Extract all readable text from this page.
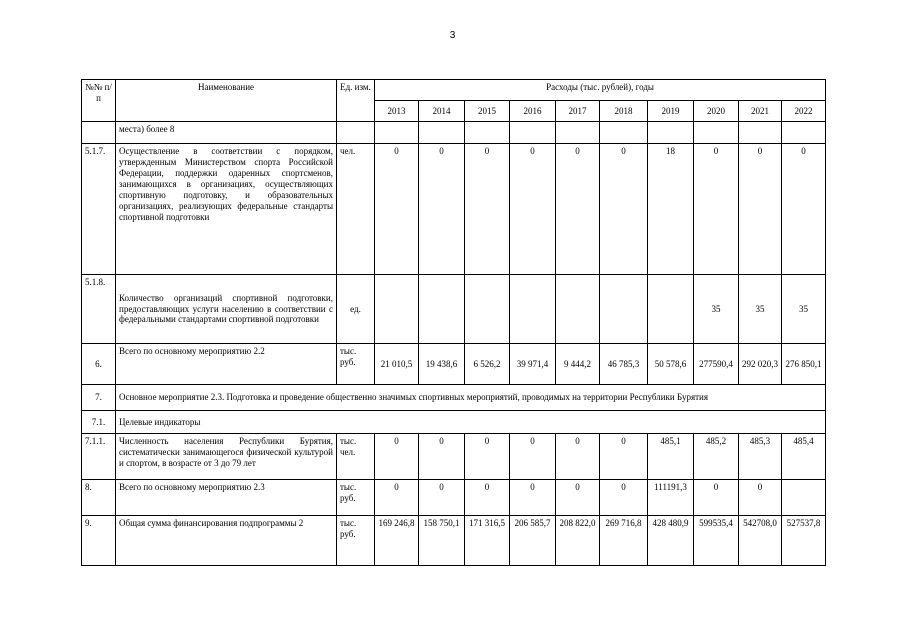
3
№№ п/п	Наименование	Ед. изм.	Расходы (тыс. рублей), годы									
			2013	2014	2015	2016	2017	2018	2019	2020	2021	2022
	места) более 8											
5.1.7.	Осуществление в соответствии с порядком, утвержденным Министерством спорта Российской Федерации, поддержки одаренных спортсменов, занимающихся в организациях, осуществляющих спортивную подготовку, и образовательных организациях, реализующих федеральные стандарты спортивной подготовки	чел.	0	0	0	0	0	0	18	0	0	0
5.1.8.	Количество организаций спортивной подготовки, предоставляющих услуги населению в соответствии с федеральными стандартами спортивной подготовки	ед.								35	35	35
6.	Всего по основному мероприятию 2.2	тыс. руб.	21 010,5	19 438,6	6 526,2	39 971,4	9 444,2	46 785,3	50 578,6	277590,4	292 020,3	276 850,1
7.	Основное мероприятие 2.3. Подготовка и проведение общественно значимых спортивных мероприятий, проводимых на территории Республики Бурятия											
7.1.	Целевые индикаторы											
7.1.1.	Численность населения Республики Бурятия, систематически занимающегося физической культурой и спортом, в возрасте от 3 до 79 лет	тыс. чел.	0	0	0	0	0	0	485,1	485,2	485,3	485,4
8.	Всего по основному мероприятию 2.3	тыс. руб.	0	0	0	0	0	0	111191,3	0	0	
9.	Общая сумма финансирования подпрограммы 2	тыс. руб.	169 246,8	158 750,1	171 316,5	206 585,7	208 822,0	269 716,8	428 480,9	599535,4	542708,0	527537,8
